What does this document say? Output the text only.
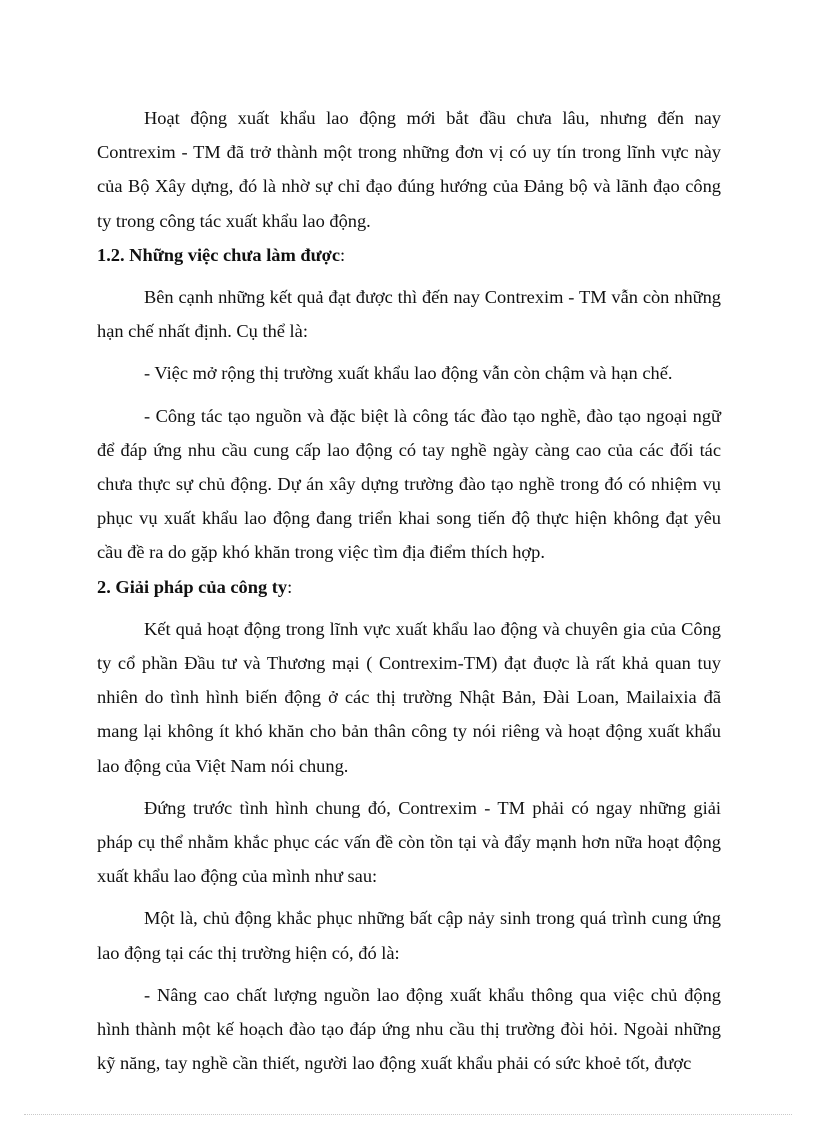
Hoạt động xuất khẩu lao động mới bắt đầu chưa lâu, nhưng đến nay Contrexim - TM đã trở thành một trong những đơn vị có uy tín trong lĩnh vực này của Bộ Xây dựng, đó là nhờ sự chỉ đạo đúng hướng của Đảng bộ và lãnh đạo công ty trong công tác xuất khẩu lao động.

1.2. Những việc chưa làm được:

Bên cạnh những kết quả đạt được thì đến nay Contrexim - TM vẫn còn những hạn chế nhất định. Cụ thể là:

- Việc mở rộng thị trường xuất khẩu lao động vẫn còn chậm và hạn chế.

- Công tác tạo nguồn và đặc biệt là công tác đào tạo nghề, đào tạo ngoại ngữ để đáp ứng nhu cầu cung cấp lao động có tay nghề ngày càng cao của các đối tác chưa thực sự chủ động. Dự án xây dựng trường đào tạo nghề trong đó có nhiệm vụ phục vụ xuất khẩu lao động đang triển khai song tiến độ thực hiện không đạt yêu cầu đề ra do gặp khó khăn trong việc tìm địa điểm thích hợp.

2. Giải pháp của công ty:

Kết quả hoạt động trong lĩnh vực xuất khẩu lao động và chuyên gia của Công ty cổ phần Đầu tư và Thương mại ( Contrexim-TM) đạt đuợc là rất khả quan tuy nhiên do tình hình biến động ở các thị trường Nhật Bản, Đài Loan, Mailaixia đã mang lại không ít khó khăn cho bản thân công ty nói riêng và hoạt động xuất khẩu lao động của Việt Nam nói chung.

Đứng trước tình hình chung đó, Contrexim - TM phải có ngay những giải pháp cụ thể nhằm khắc phục các vấn đề còn tồn tại và đẩy mạnh hơn nữa hoạt động xuất khẩu lao động của mình như sau:

Một là, chủ động khắc phục những bất cập nảy sinh trong quá trình cung ứng lao động tại các thị trường hiện có, đó là:

- Nâng cao chất lượng nguồn lao động xuất khẩu thông qua việc chủ động hình thành một kế hoạch đào tạo đáp ứng nhu cầu thị trường đòi hỏi. Ngoài những kỹ năng, tay nghề cần thiết, người lao động xuất khẩu phải có sức khoẻ tốt, được
